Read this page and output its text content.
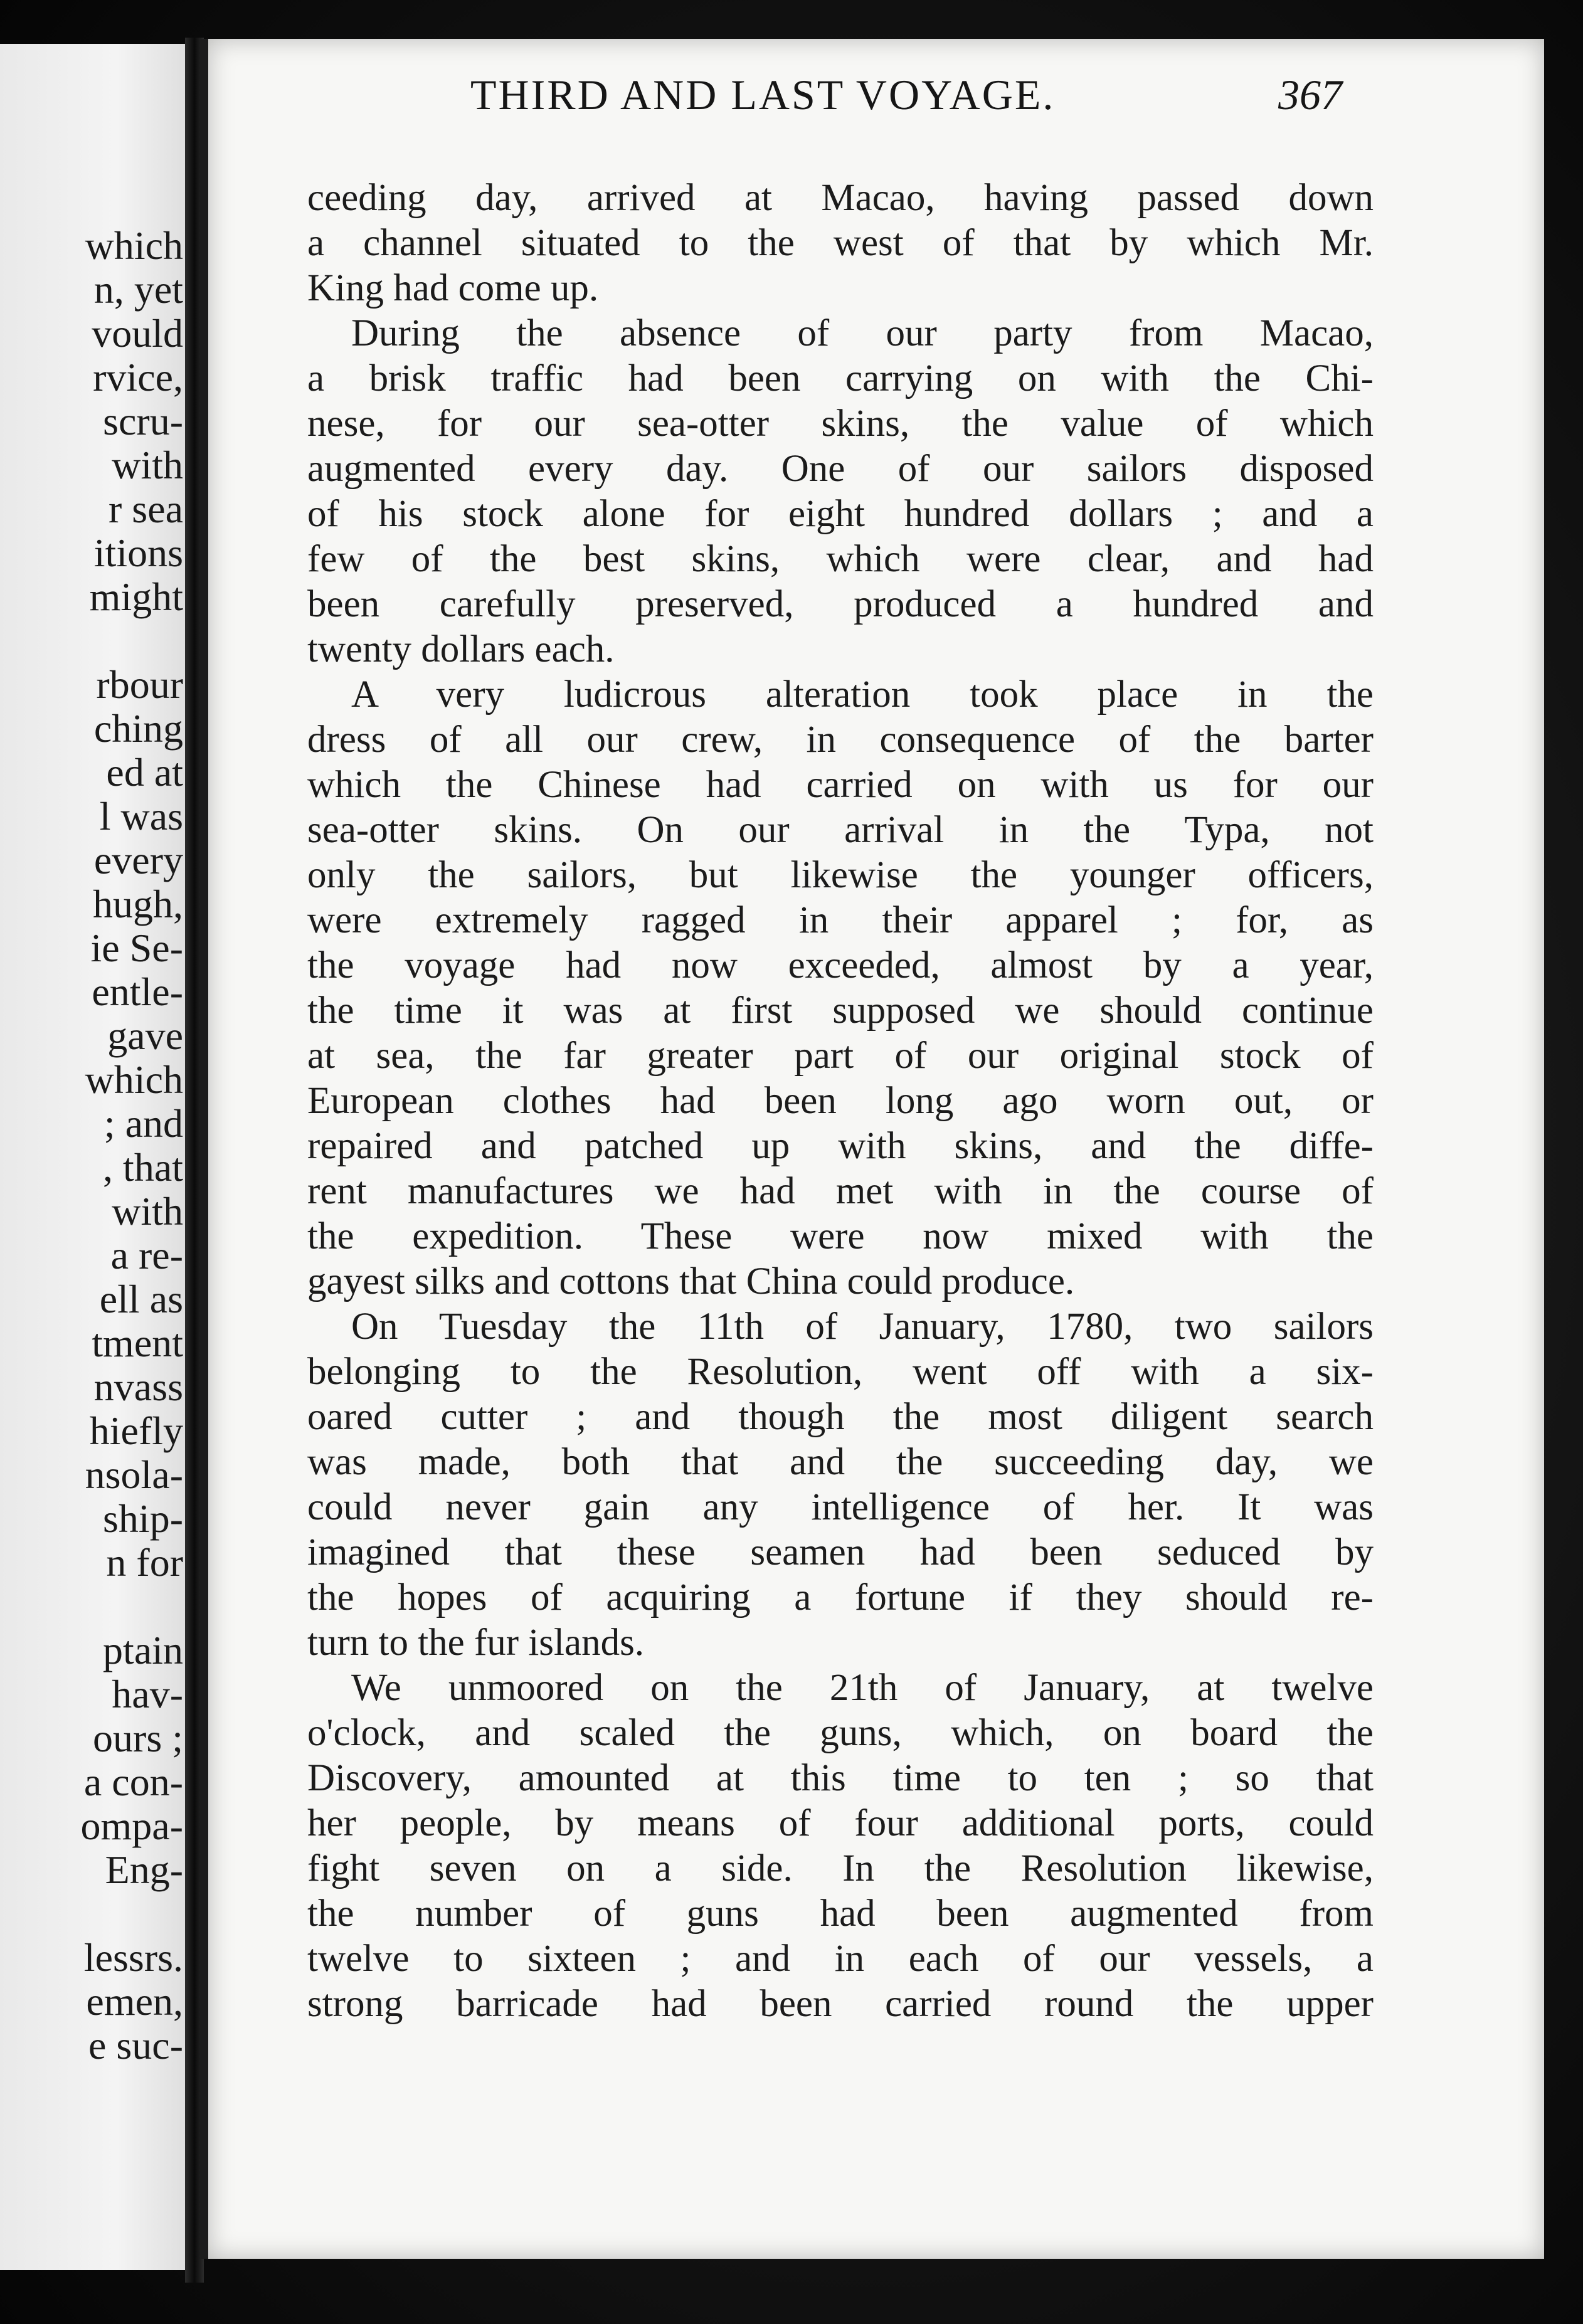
which
n, yet
vould
rvice,
scru-
with
r sea
itions
might
rbour
ching
ed at
l was
every
hugh,
ie Se-
entle-
gave
which
; and
, that
with
a re-
ell as
tment
nvass
hiefly
nsola-
ship-
n for
ptain
hav-
ours ;
a con-
ompa-
Eng-
lessrs.
emen,
e suc-
THIRD AND LAST VOYAGE.	367
ceeding day, arrived at Macao, having passed down
a channel situated to the west of that by which Mr.
King had come up.
During the absence of our party from Macao,
a brisk traffic had been carrying on with the Chi-
nese, for our sea-otter skins, the value of which
augmented every day. One of our sailors disposed
of his stock alone for eight hundred dollars ; and a
few of the best skins, which were clear, and had
been carefully preserved, produced a hundred and
twenty dollars each.
A very ludicrous alteration took place in the
dress of all our crew, in consequence of the barter
which the Chinese had carried on with us for our
sea-otter skins. On our arrival in the Typa, not
only the sailors, but likewise the younger officers,
were extremely ragged in their apparel ; for, as
the voyage had now exceeded, almost by a year,
the time it was at first supposed we should continue
at sea, the far greater part of our original stock of
European clothes had been long ago worn out, or
repaired and patched up with skins, and the diffe-
rent manufactures we had met with in the course of
the expedition. These were now mixed with the
gayest silks and cottons that China could produce.
On Tuesday the 11th of January, 1780, two sailors
belonging to the Resolution, went off with a six-
oared cutter ; and though the most diligent search
was made, both that and the succeeding day, we
could never gain any intelligence of her. It was
imagined that these seamen had been seduced by
the hopes of acquiring a fortune if they should re-
turn to the fur islands.
We unmoored on the 21th of January, at twelve
o'clock, and scaled the guns, which, on board the
Discovery, amounted at this time to ten ; so that
her people, by means of four additional ports, could
fight seven on a side. In the Resolution likewise,
the number of guns had been augmented from
twelve to sixteen ; and in each of our vessels, a
strong barricade had been carried round the upper
